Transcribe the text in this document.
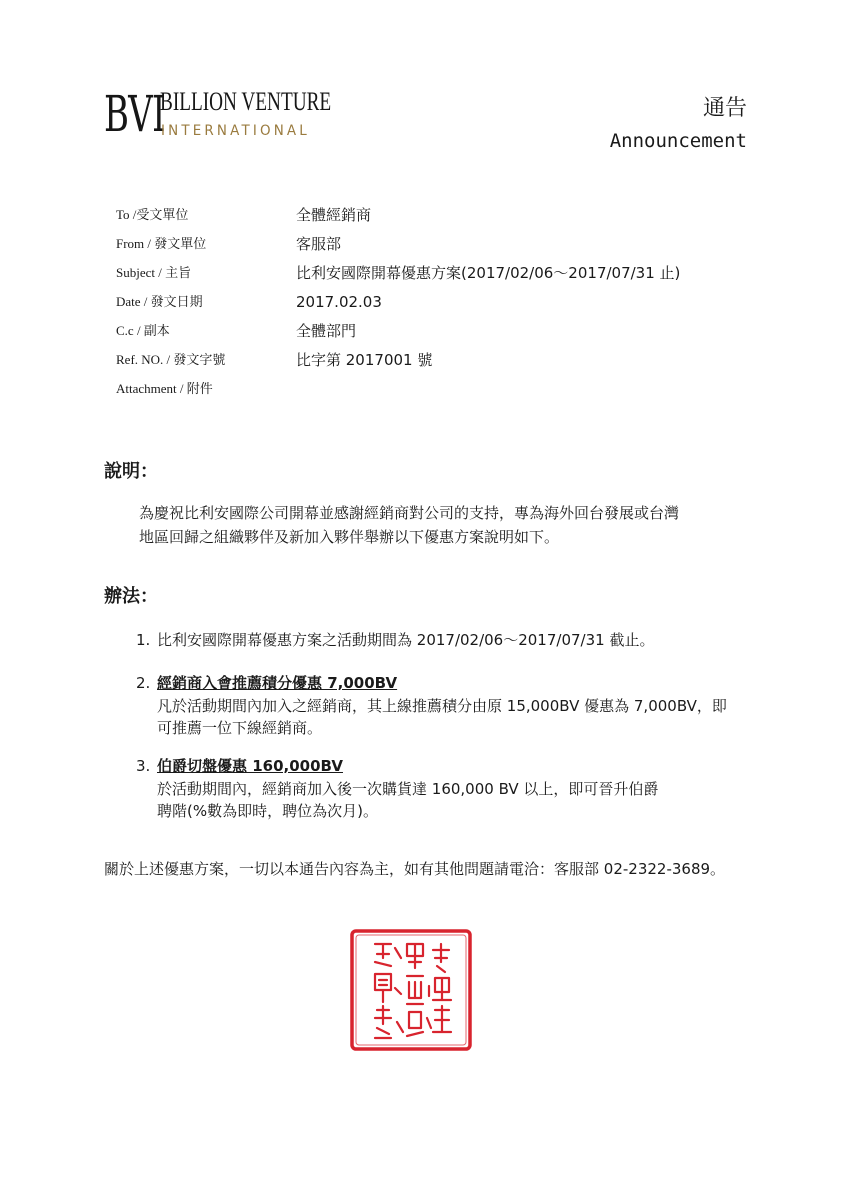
BVI
BILLION VENTURE
INTERNATIONAL
通告
Announcement
To /受文單位	全體經銷商
From / 發文單位	客服部
Subject / 主旨	比利安國際開幕優惠方案(2017/02/06～2017/07/31 止)
Date / 發文日期	2017.02.03
C.c / 副本	全體部門
Ref. NO. / 發文字號	比字第 2017001 號
Attachment / 附件
說明：
為慶祝比利安國際公司開幕並感謝經銷商對公司的支持，專為海外回台發展或台灣
地區回歸之組織夥伴及新加入夥伴舉辦以下優惠方案說明如下。
辦法：
1. 比利安國際開幕優惠方案之活動期間為 2017/02/06～2017/07/31 截止。
2. 經銷商入會推薦積分優惠 7,000BV
凡於活動期間內加入之經銷商，其上線推薦積分由原 15,000BV 優惠為 7,000BV，即
可推薦一位下線經銷商。
3. 伯爵切盤優惠 160,000BV
於活動期間內，經銷商加入後一次購貨達 160,000 BV 以上，即可晉升伯爵
聘階(%數為即時，聘位為次月)。
關於上述優惠方案，一切以本通告內容為主，如有其他問題請電洽：客服部 02-2322-3689。
